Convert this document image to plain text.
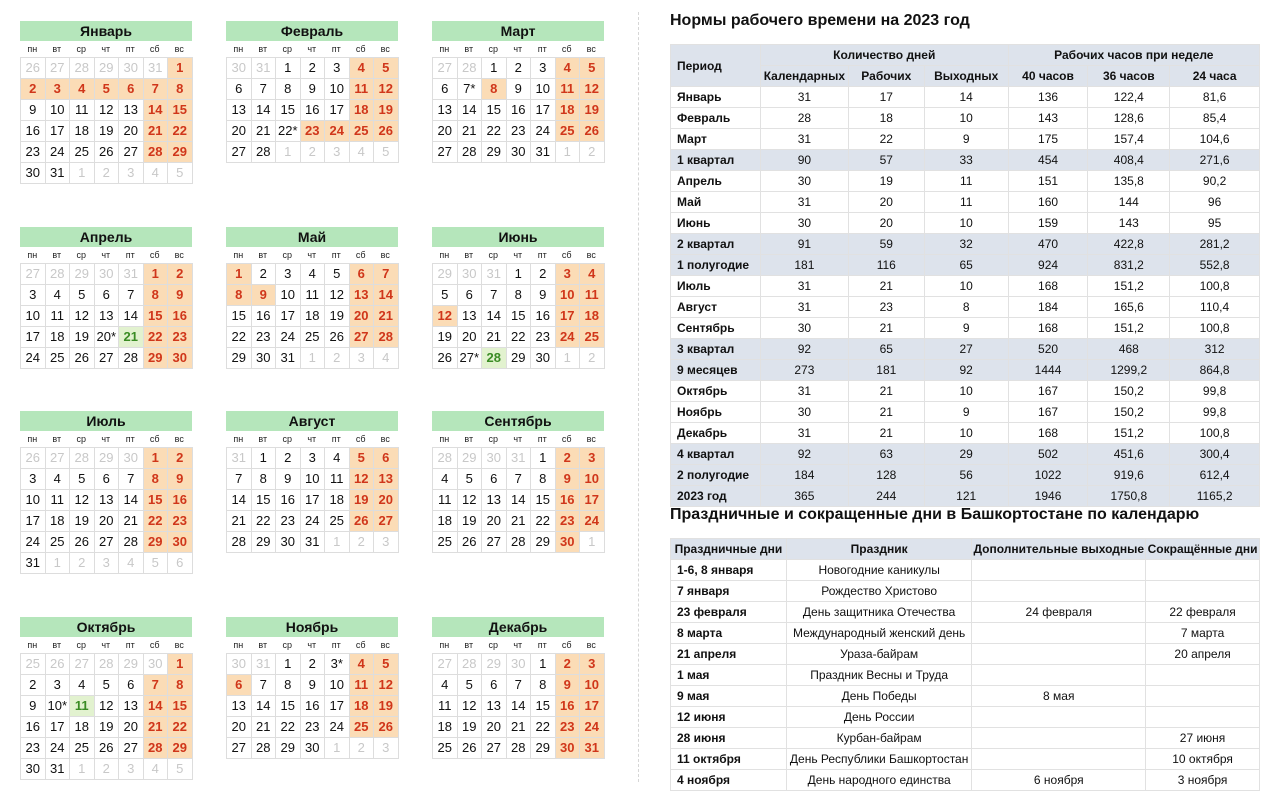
Январь
пн	вт	ср	чт	пт	сб	вс
26 27 28 29 30 31	1
2	3	4	5	6	7	8
9	10 11 12 13 14 15
16 17 18 19 20 21 22
23 24 25 26 27 28 29
30 31	1	2	3	4	5
Февраль
пн	вт	ср	чт	пт	сб	вс
30 31	1	2	3	4	5
6	7	8	9	10 11 12
13 14 15 16 17 18 19
20 21 22* 23 24 25 26
27 28	1	2	3	4	5
Март
пн	вт	ср	чт	пт	сб	вс
27 28	1	2	3	4	5
6	7*	8	9	10 11 12
13 14 15 16 17 18 19
20 21 22 23 24 25 26
27 28 29 30 31	1	2
Апрель
пн	вт	ср	чт	пт	сб	вс
27 28 29 30 31	1	2
3	4	5	6	7	8	9
10 11 12 13 14 15 16
17 18 19 20* 21 22 23
24 25 26 27 28 29 30
Май
пн	вт	ср	чт	пт	сб	вс
1	2	3	4	5	6	7
8	9	10 11 12 13 14
15 16 17 18 19 20 21
22 23 24 25 26 27 28
29 30 31	1	2	3	4
Июнь
пн	вт	ср	чт	пт	сб	вс
29 30 31	1	2	3	4
5	6	7	8	9	10 11
12 13 14 15 16 17 18
19 20 21 22 23 24 25
26 27* 28 29 30	1	2
Июль
пн	вт	ср	чт	пт	сб	вс
26 27 28 29 30	1	2
3	4	5	6	7	8	9
10 11 12 13 14 15 16
17 18 19 20 21 22 23
24 25 26 27 28 29 30
31	1	2	3	4	5	6
Август
пн	вт	ср	чт	пт	сб	вс
31	1	2	3	4	5	6
7	8	9	10 11 12 13
14 15 16 17 18 19 20
21 22 23 24 25 26 27
28 29 30 31	1	2	3
Сентябрь
пн	вт	ср	чт	пт	сб	вс
28 29 30 31	1	2	3
4	5	6	7	8	9	10
11 12 13 14 15 16 17
18 19 20 21 22 23 24
25 26 27 28 29 30	1
Октябрь
пн	вт	ср	чт	пт	сб	вс
25 26 27 28 29 30	1
2	3	4	5	6	7	8
9 10* 11 12 13 14 15
16 17 18 19 20 21 22
23 24 25 26 27 28 29
30 31	1	2	3	4	5
Ноябрь
пн	вт	ср	чт	пт	сб	вс
30 31	1	2	3*	4	5
6	7	8	9	10 11 12
13 14 15 16 17 18 19
20 21 22 23 24 25 26
27 28 29 30	1	2	3
Декабрь
пн	вт	ср	чт	пт	сб	вс
27 28 29 30	1	2	3
4	5	6	7	8	9	10
11 12 13 14 15 16 17
18 19 20 21 22 23 24
25 26 27 28 29 30 31
Нормы рабочего времени на 2023 год
Период	Количество дней			Рабочих часов при неделе		
	Календарных	Рабочих	Выходных	40 часов	36 часов	24 часа
Январь	31	17	14	136	122,4	81,6
Февраль	28	18	10	143	128,6	85,4
Март	31	22	9	175	157,4	104,6
1 квартал	90	57	33	454	408,4	271,6
Апрель	30	19	11	151	135,8	90,2
Май	31	20	11	160	144	96
Июнь	30	20	10	159	143	95
2 квартал	91	59	32	470	422,8	281,2
1 полугодие	181	116	65	924	831,2	552,8
Июль	31	21	10	168	151,2	100,8
Август	31	23	8	184	165,6	110,4
Сентябрь	30	21	9	168	151,2	100,8
3 квартал	92	65	27	520	468	312
9 месяцев	273	181	92	1444	1299,2	864,8
Октябрь	31	21	10	167	150,2	99,8
Ноябрь	30	21	9	167	150,2	99,8
Декабрь	31	21	10	168	151,2	100,8
4 квартал	92	63	29	502	451,6	300,4
2 полугодие	184	128	56	1022	919,6	612,4
2023 год	365	244	121	1946	1750,8	1165,2
Праздничные и сокращенные дни в Башкортостане по календарю
Праздничные дни	Праздник	Дополнительные выходные	Сокращённые дни
1-6, 8 января	Новогодние каникулы		
7 января	Рождество Христово		
23 февраля	День защитника Отечества	24 февраля	22 февраля
8 марта	Международный женский день		7 марта
21 апреля	Ураза-байрам		20 апреля
1 мая	Праздник Весны и Труда		
9 мая	День Победы	8 мая	
12 июня	День России		
28 июня	Курбан-байрам		27 июня
11 октября	День Республики Башкортостан		10 октября
4 ноября	День народного единства	6 ноября	3 ноября
